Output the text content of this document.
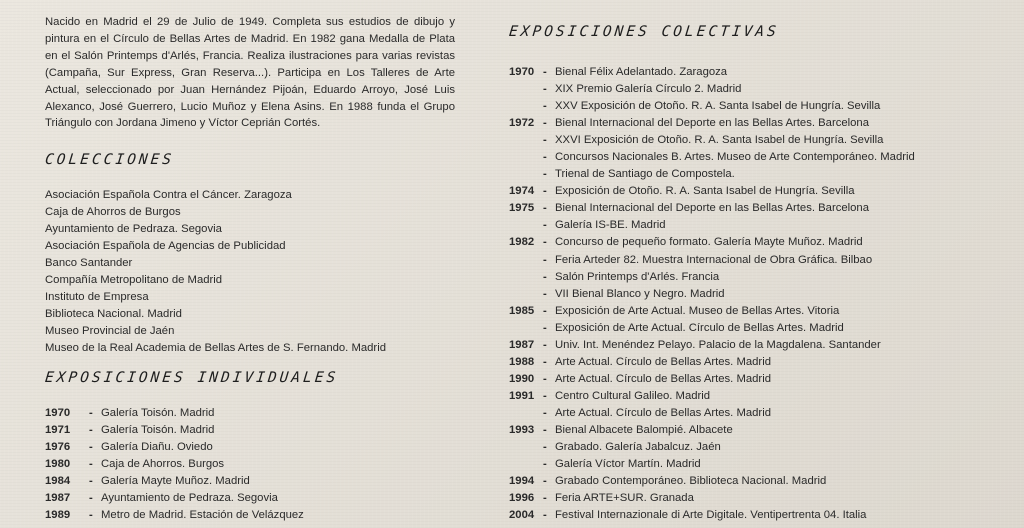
Nacido en Madrid el 29 de Julio de 1949. Completa sus estudios de dibujo y pintura en el Círculo de Bellas Artes de Madrid. En 1982 gana Medalla de Plata en el Salón Printemps d'Arlés, Francia. Realiza ilustraciones para varias revistas (Campaña, Sur Express, Gran Reserva...). Participa en Los Talleres de Arte Actual, seleccionado por Juan Hernández Pijoán, Eduardo Arroyo, José Luis Alexanco, José Guerrero, Lucio Muñoz y Elena Asins. En 1988 funda el Grupo Triángulo con Jordana Jimeno y Víctor Ceprián Cortés.

COLECCIONES
Asociación Española Contra el Cáncer. Zaragoza
Caja de Ahorros de Burgos
Ayuntamiento de Pedraza. Segovia
Asociación Española de Agencias de Publicidad
Banco Santander
Compañía Metropolitano de Madrid
Instituto de Empresa
Biblioteca Nacional. Madrid
Museo Provincial de Jaén
Museo de la Real Academia de Bellas Artes de S. Fernando. Madrid
EXPOSICIONES INDIVIDUALES
1970 - Galería Toisón. Madrid
1971 - Galería Toisón. Madrid
1976 - Galería Diañu. Oviedo
1980 - Caja de Ahorros. Burgos
1984 - Galería Mayte Muñoz. Madrid
1987 - Ayuntamiento de Pedraza. Segovia
1989 - Metro de Madrid. Estación de Velázquez
EXPOSICIONES COLECTIVAS
1970 - Bienal Félix Adelantado. Zaragoza
- XIX Premio Galería Círculo 2. Madrid
- XXV Exposición de Otoño. R. A. Santa Isabel de Hungría. Sevilla
1972 - Bienal Internacional del Deporte en las Bellas Artes. Barcelona
- XXVI Exposición de Otoño. R. A. Santa Isabel de Hungría. Sevilla
- Concursos Nacionales B. Artes. Museo de Arte Contemporáneo. Madrid
- Trienal de Santiago de Compostela.
1974 - Exposición de Otoño. R. A. Santa Isabel de Hungría. Sevilla
1975 - Bienal Internacional del Deporte en las Bellas Artes. Barcelona
- Galería IS-BE. Madrid
1982 - Concurso de pequeño formato. Galería Mayte Muñoz. Madrid
- Feria Arteder 82. Muestra Internacional de Obra Gráfica. Bilbao
- Salón Printemps d'Arlés. Francia
- VII Bienal Blanco y Negro. Madrid
1985 - Exposición de Arte Actual. Museo de Bellas Artes. Vitoria
- Exposición de Arte Actual. Círculo de Bellas Artes. Madrid
1987 - Univ. Int. Menéndez Pelayo. Palacio de la Magdalena. Santander
1988 - Arte Actual. Círculo de Bellas Artes. Madrid
1990 - Arte Actual. Círculo de Bellas Artes. Madrid
1991 - Centro Cultural Galileo. Madrid
- Arte Actual. Círculo de Bellas Artes. Madrid
1993 - Bienal Albacete Balompié. Albacete
- Grabado. Galería Jabalcuz. Jaén
- Galería Víctor Martín. Madrid
1994 - Grabado Contemporáneo. Biblioteca Nacional. Madrid
1996 - Feria ARTE+SUR. Granada
2004 - Festival Internazionale di Arte Digitale. Ventipertrenta 04. Italia
